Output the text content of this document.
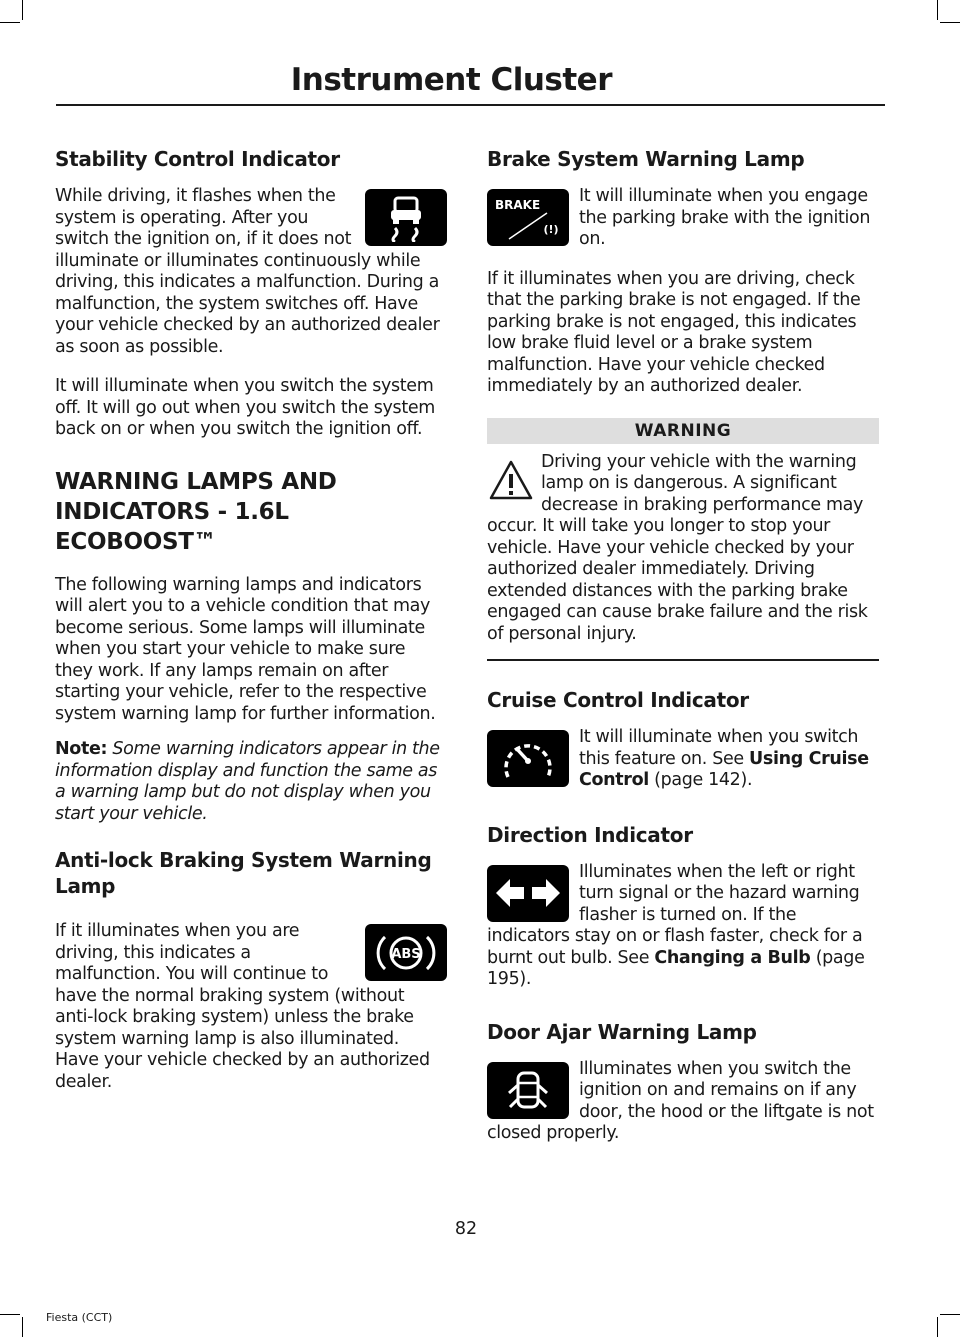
Instrument Cluster
Stability Control Indicator

While driving, it flashes when the system is operating. After you switch the ignition on, if it does not illuminate or illuminates continuously while driving, this indicates a malfunction. During a malfunction, the system switches off. Have your vehicle checked by an authorized dealer as soon as possible.

It will illuminate when you switch the system off. It will go out when you switch the system back on or when you switch the ignition off.

WARNING LAMPS AND INDICATORS - 1.6L ECOBOOST™

The following warning lamps and indicators will alert you to a vehicle condition that may become serious. Some lamps will illuminate when you start your vehicle to make sure they work. If any lamps remain on after starting your vehicle, refer to the respective system warning lamp for further information.

Note: Some warning indicators appear in the information display and function the same as a warning lamp but do not display when you start your vehicle.

Anti-lock Braking System Warning Lamp
ABS

If it illuminates when you are driving, this indicates a malfunction. You will continue to have the normal braking system (without anti-lock braking system) unless the brake system warning lamp is also illuminated. Have your vehicle checked by an authorized dealer.

Brake System Warning Lamp
BRAKE
(!)

It will illuminate when you engage the parking brake with the ignition on.

If it illuminates when you are driving, check that the parking brake is not engaged. If the parking brake is not engaged, this indicates low brake fluid level or a brake system malfunction. Have your vehicle checked immediately by an authorized dealer.

WARNING

Driving your vehicle with the warning lamp on is dangerous. A significant decrease in braking performance may occur. It will take you longer to stop your vehicle. Have your vehicle checked by your authorized dealer immediately. Driving extended distances with the parking brake engaged can cause brake failure and the risk of personal injury.

Cruise Control Indicator

It will illuminate when you switch this feature on. See Using Cruise Control (page 142).

Direction Indicator

Illuminates when the left or right turn signal or the hazard warning flasher is turned on. If the indicators stay on or flash faster, check for a burnt out bulb. See Changing a Bulb (page 195).

Door Ajar Warning Lamp

Illuminates when you switch the ignition on and remains on if any door, the hood or the liftgate is not closed properly.

82
Fiesta (CCT)
